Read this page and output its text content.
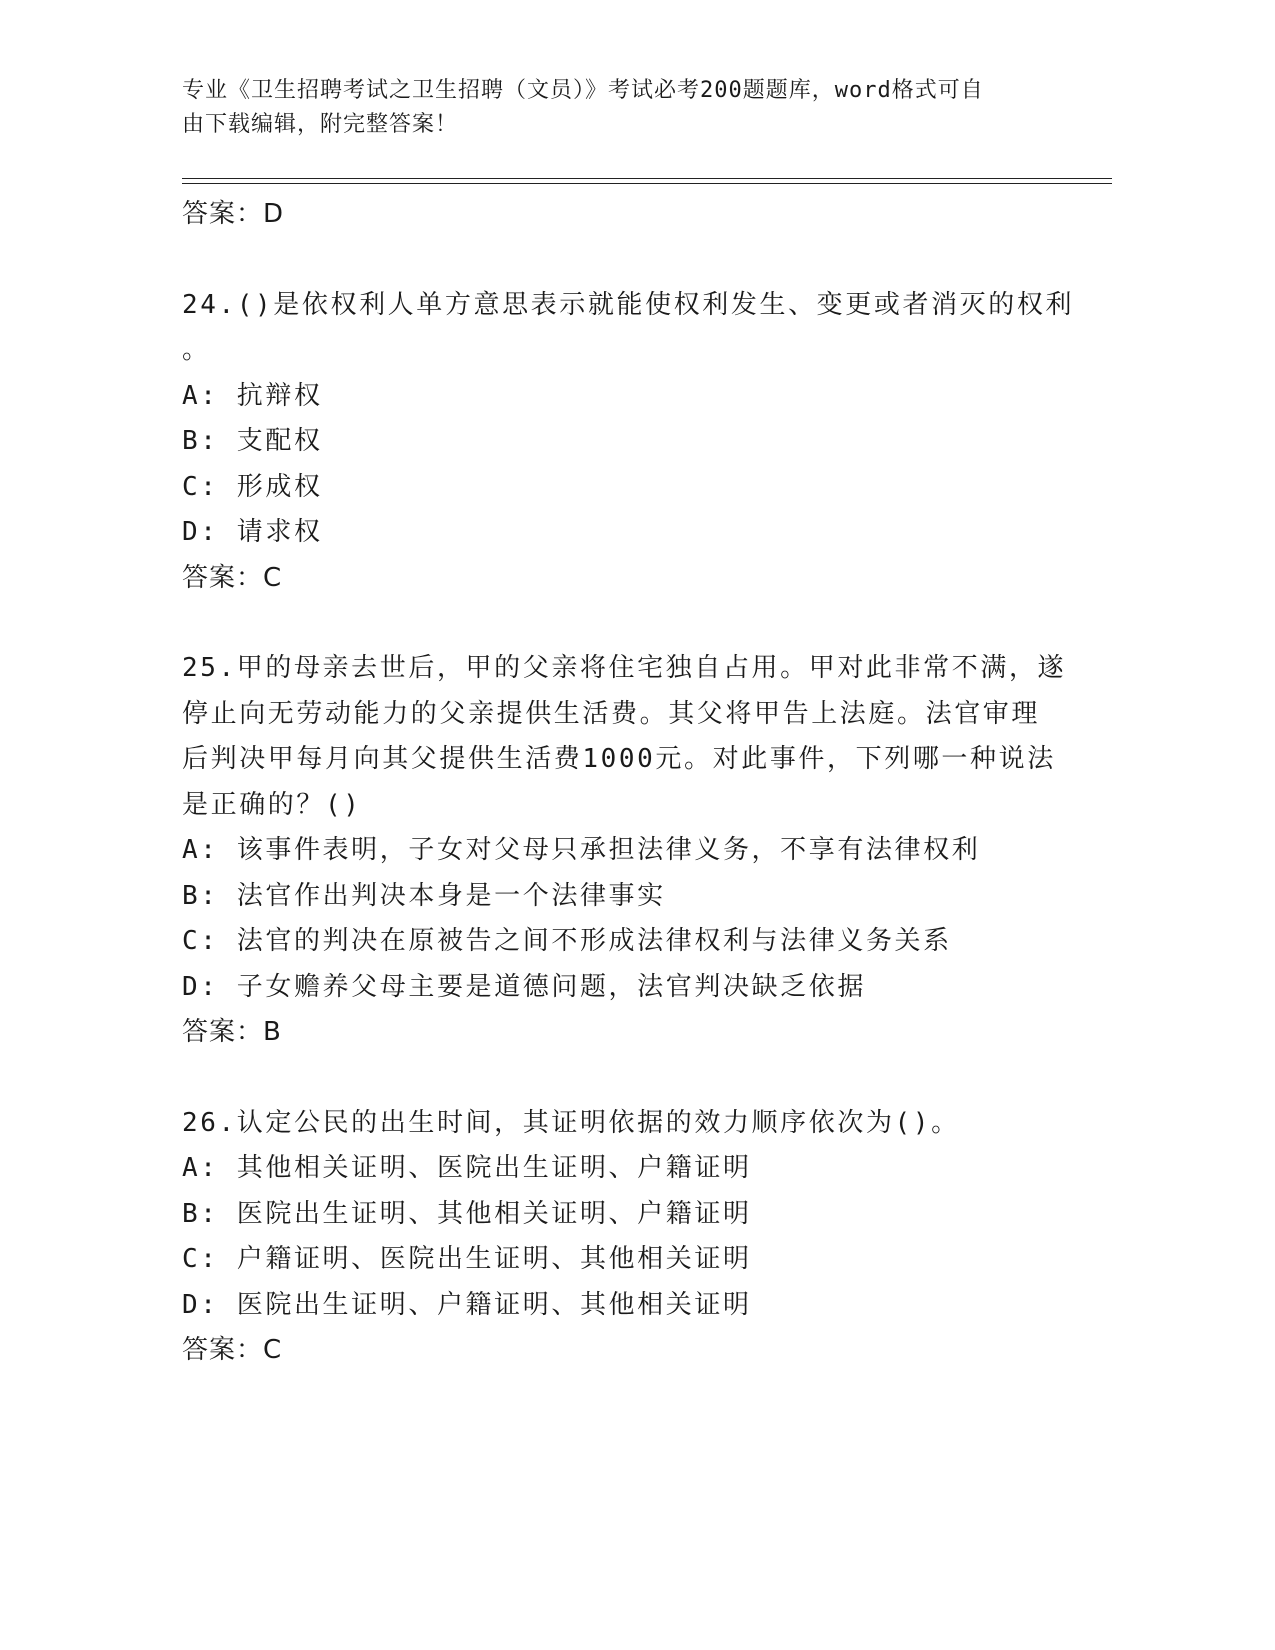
专业《卫生招聘考试之卫生招聘（文员）》考试必考200题题库，word格式可自
由下载编辑，附完整答案！
答案：D
24.()是依权利人单方意思表示就能使权利发生、变更或者消灭的权利
。
A: 抗辩权
B: 支配权
C: 形成权
D: 请求权
答案：C
25.甲的母亲去世后，甲的父亲将住宅独自占用。甲对此非常不满，遂
停止向无劳动能力的父亲提供生活费。其父将甲告上法庭。法官审理
后判决甲每月向其父提供生活费1000元。对此事件，下列哪一种说法
是正确的？()
A: 该事件表明，子女对父母只承担法律义务，不享有法律权利
B: 法官作出判决本身是一个法律事实
C: 法官的判决在原被告之间不形成法律权利与法律义务关系
D: 子女赡养父母主要是道德问题，法官判决缺乏依据
答案：B
26.认定公民的出生时间，其证明依据的效力顺序依次为()。
A: 其他相关证明、医院出生证明、户籍证明
B: 医院出生证明、其他相关证明、户籍证明
C: 户籍证明、医院出生证明、其他相关证明
D: 医院出生证明、户籍证明、其他相关证明
答案：C
